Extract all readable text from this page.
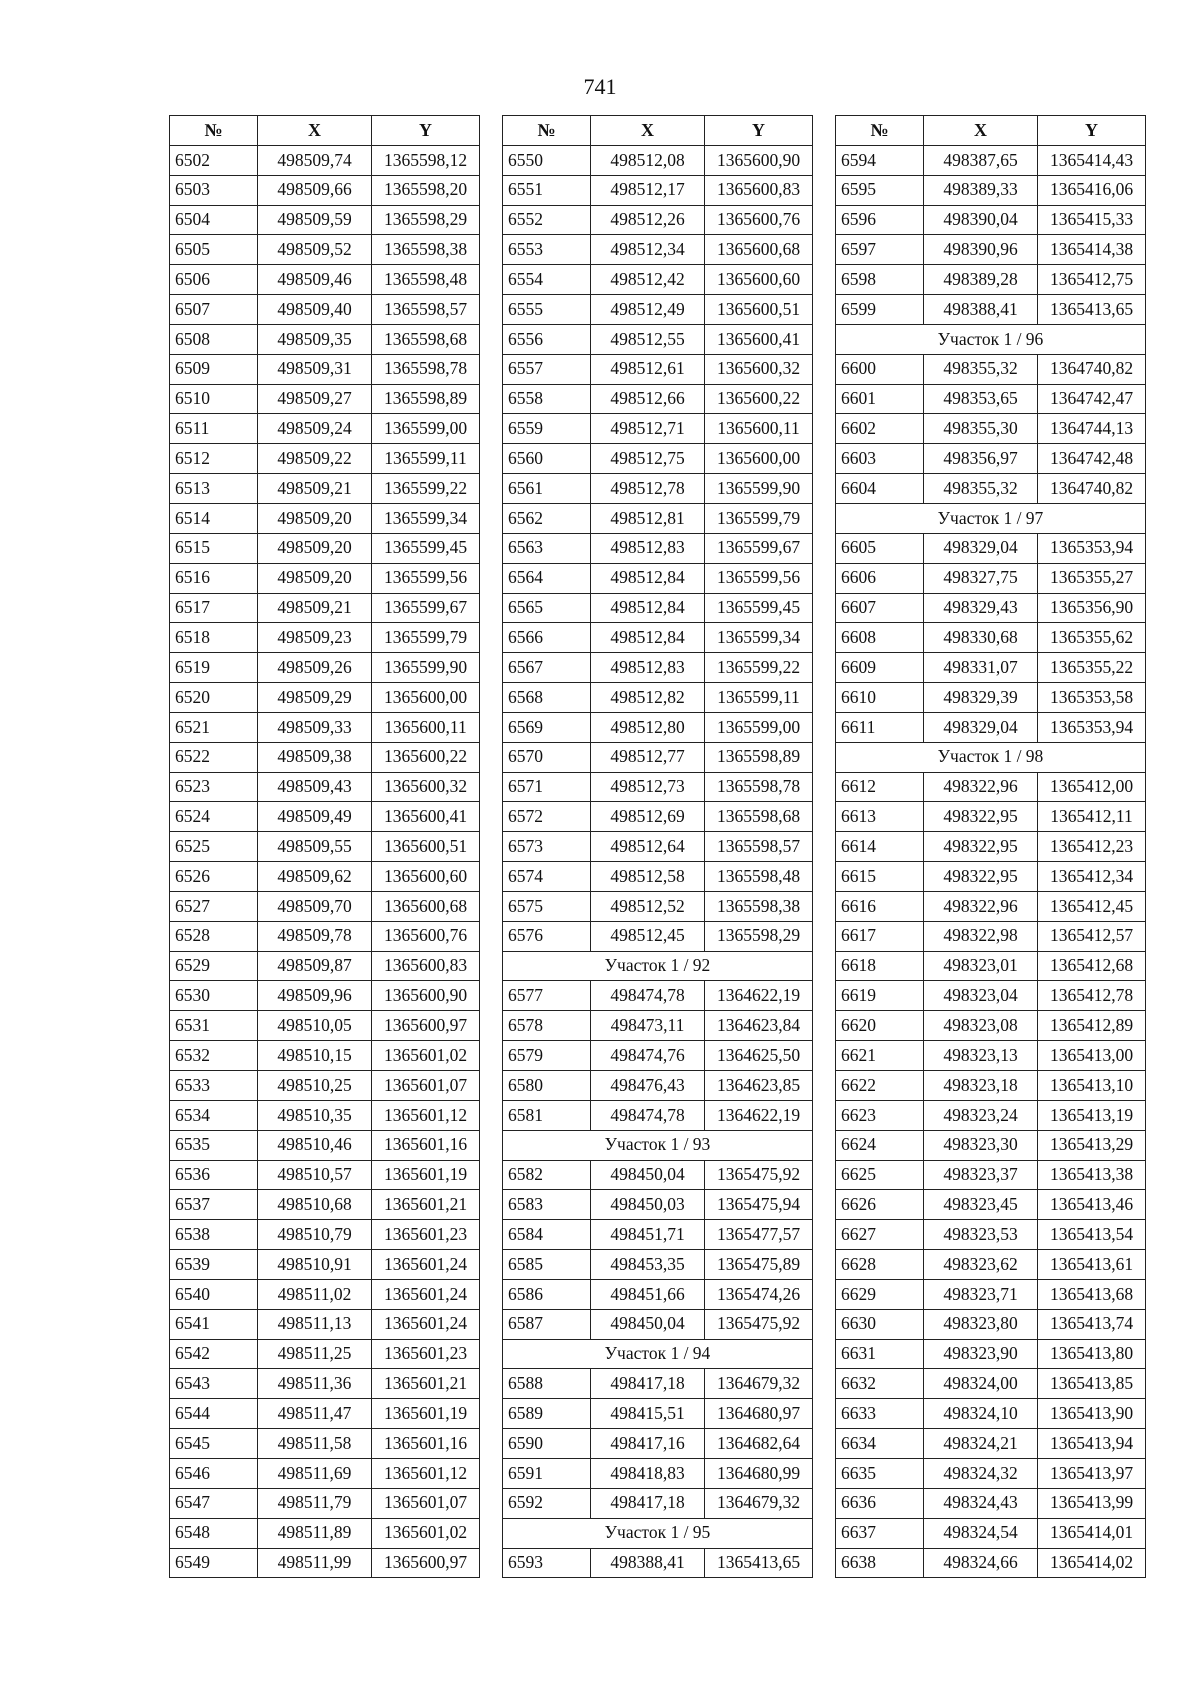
741
№	X	Y
6502	498509,74	1365598,12
6503	498509,66	1365598,20
6504	498509,59	1365598,29
6505	498509,52	1365598,38
6506	498509,46	1365598,48
6507	498509,40	1365598,57
6508	498509,35	1365598,68
6509	498509,31	1365598,78
6510	498509,27	1365598,89
6511	498509,24	1365599,00
6512	498509,22	1365599,11
6513	498509,21	1365599,22
6514	498509,20	1365599,34
6515	498509,20	1365599,45
6516	498509,20	1365599,56
6517	498509,21	1365599,67
6518	498509,23	1365599,79
6519	498509,26	1365599,90
6520	498509,29	1365600,00
6521	498509,33	1365600,11
6522	498509,38	1365600,22
6523	498509,43	1365600,32
6524	498509,49	1365600,41
6525	498509,55	1365600,51
6526	498509,62	1365600,60
6527	498509,70	1365600,68
6528	498509,78	1365600,76
6529	498509,87	1365600,83
6530	498509,96	1365600,90
6531	498510,05	1365600,97
6532	498510,15	1365601,02
6533	498510,25	1365601,07
6534	498510,35	1365601,12
6535	498510,46	1365601,16
6536	498510,57	1365601,19
6537	498510,68	1365601,21
6538	498510,79	1365601,23
6539	498510,91	1365601,24
6540	498511,02	1365601,24
6541	498511,13	1365601,24
6542	498511,25	1365601,23
6543	498511,36	1365601,21
6544	498511,47	1365601,19
6545	498511,58	1365601,16
6546	498511,69	1365601,12
6547	498511,79	1365601,07
6548	498511,89	1365601,02
6549	498511,99	1365600,97
№	X	Y
6550	498512,08	1365600,90
6551	498512,17	1365600,83
6552	498512,26	1365600,76
6553	498512,34	1365600,68
6554	498512,42	1365600,60
6555	498512,49	1365600,51
6556	498512,55	1365600,41
6557	498512,61	1365600,32
6558	498512,66	1365600,22
6559	498512,71	1365600,11
6560	498512,75	1365600,00
6561	498512,78	1365599,90
6562	498512,81	1365599,79
6563	498512,83	1365599,67
6564	498512,84	1365599,56
6565	498512,84	1365599,45
6566	498512,84	1365599,34
6567	498512,83	1365599,22
6568	498512,82	1365599,11
6569	498512,80	1365599,00
6570	498512,77	1365598,89
6571	498512,73	1365598,78
6572	498512,69	1365598,68
6573	498512,64	1365598,57
6574	498512,58	1365598,48
6575	498512,52	1365598,38
6576	498512,45	1365598,29
Участок 1 / 92		
6577	498474,78	1364622,19
6578	498473,11	1364623,84
6579	498474,76	1364625,50
6580	498476,43	1364623,85
6581	498474,78	1364622,19
Участок 1 / 93		
6582	498450,04	1365475,92
6583	498450,03	1365475,94
6584	498451,71	1365477,57
6585	498453,35	1365475,89
6586	498451,66	1365474,26
6587	498450,04	1365475,92
Участок 1 / 94		
6588	498417,18	1364679,32
6589	498415,51	1364680,97
6590	498417,16	1364682,64
6591	498418,83	1364680,99
6592	498417,18	1364679,32
Участок 1 / 95		
6593	498388,41	1365413,65
№	X	Y
6594	498387,65	1365414,43
6595	498389,33	1365416,06
6596	498390,04	1365415,33
6597	498390,96	1365414,38
6598	498389,28	1365412,75
6599	498388,41	1365413,65
Участок 1 / 96		
6600	498355,32	1364740,82
6601	498353,65	1364742,47
6602	498355,30	1364744,13
6603	498356,97	1364742,48
6604	498355,32	1364740,82
Участок 1 / 97		
6605	498329,04	1365353,94
6606	498327,75	1365355,27
6607	498329,43	1365356,90
6608	498330,68	1365355,62
6609	498331,07	1365355,22
6610	498329,39	1365353,58
6611	498329,04	1365353,94
Участок 1 / 98		
6612	498322,96	1365412,00
6613	498322,95	1365412,11
6614	498322,95	1365412,23
6615	498322,95	1365412,34
6616	498322,96	1365412,45
6617	498322,98	1365412,57
6618	498323,01	1365412,68
6619	498323,04	1365412,78
6620	498323,08	1365412,89
6621	498323,13	1365413,00
6622	498323,18	1365413,10
6623	498323,24	1365413,19
6624	498323,30	1365413,29
6625	498323,37	1365413,38
6626	498323,45	1365413,46
6627	498323,53	1365413,54
6628	498323,62	1365413,61
6629	498323,71	1365413,68
6630	498323,80	1365413,74
6631	498323,90	1365413,80
6632	498324,00	1365413,85
6633	498324,10	1365413,90
6634	498324,21	1365413,94
6635	498324,32	1365413,97
6636	498324,43	1365413,99
6637	498324,54	1365414,01
6638	498324,66	1365414,02
